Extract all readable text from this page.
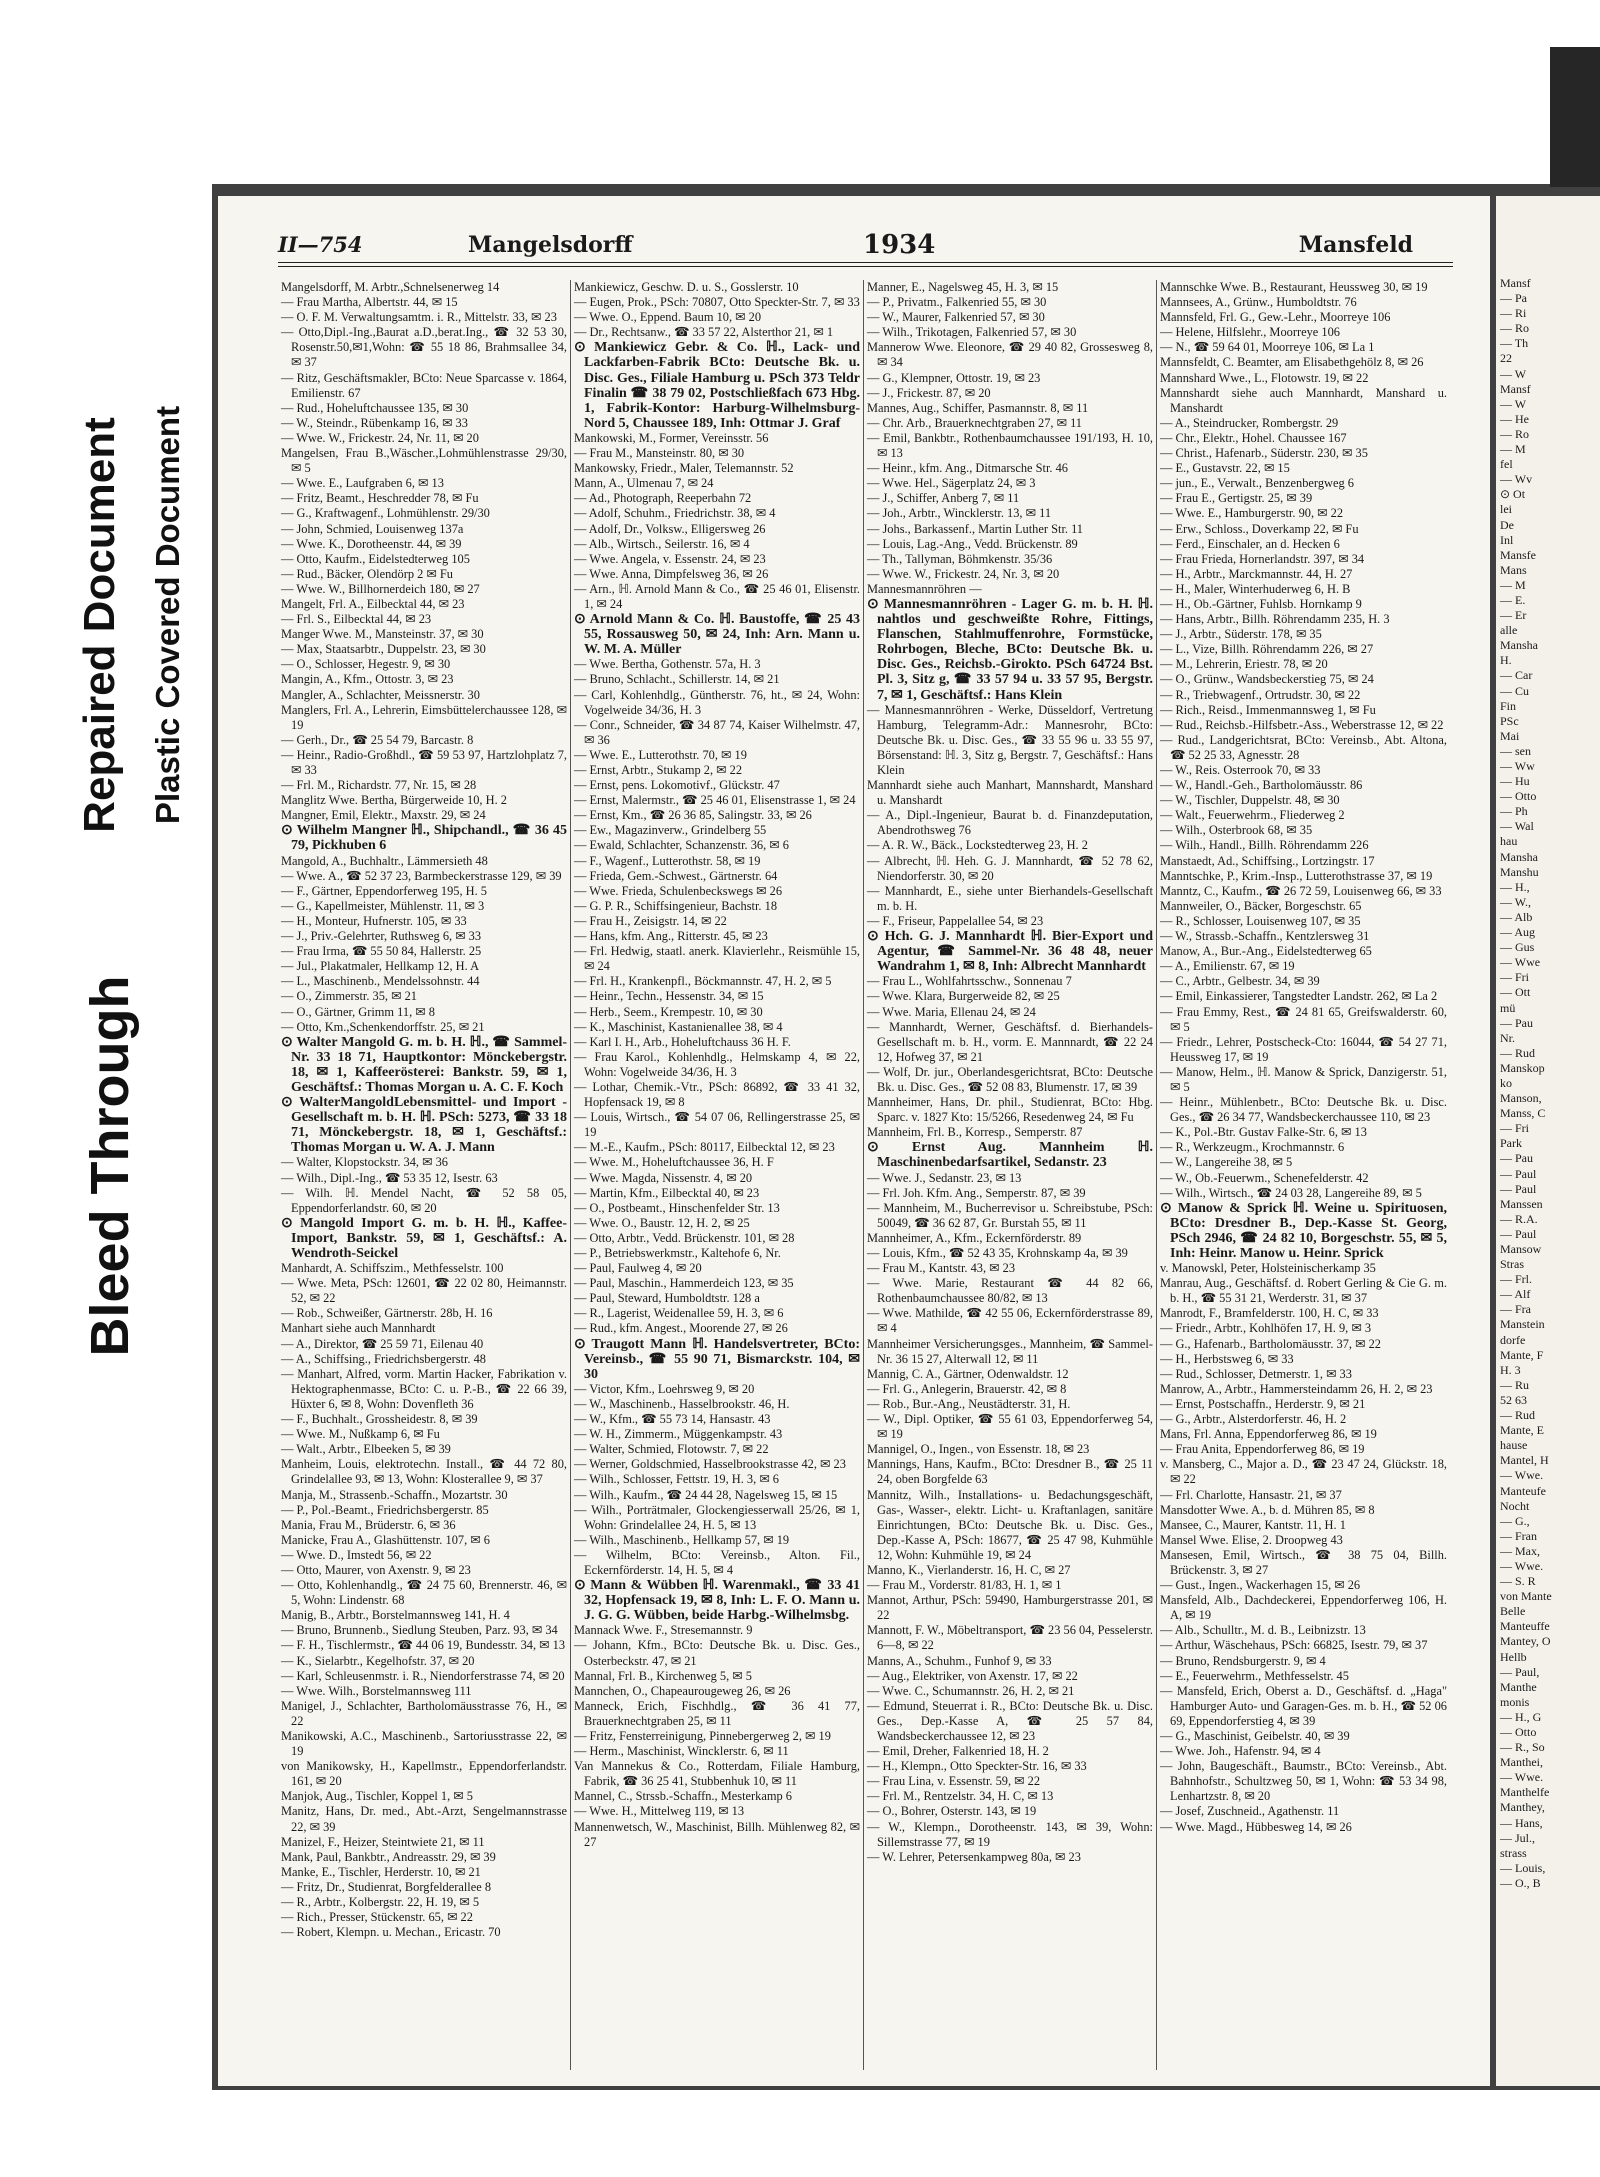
Bleed Through
Repaired Document Plastic Covered Document
II—754	Mangelsdorff	1934	Mansfeld
Mangelsdorff, M. Arbtr.,Schnelsenerweg 14
— Frau Martha, Albertstr. 44, ✉ 15
— O. F. M. Verwaltungsamtm. i. R., Mittelstr. 33, ✉ 23
— Otto,Dipl.-Ing.,Baurat a.D.,berat.Ing., ☎ 32 53 30, Rosenstr.50,✉1,Wohn: ☎ 55 18 86, Brahmsallee 34, ✉ 37
— Ritz, Geschäftsmakler, BCto: Neue Sparcasse v. 1864, Emilienstr. 67
— Rud., Hoheluftchaussee 135, ✉ 30
— W., Steindr., Rübenkamp 16, ✉ 33
— Wwe. W., Frickestr. 24, Nr. 11, ✉ 20
Mangelsen, Frau B.,Wäscher.,Lohmühlenstrasse 29/30, ✉ 5
— Wwe. E., Laufgraben 6, ✉ 13
— Fritz, Beamt., Heschredder 78, ✉ Fu
— G., Kraftwagenf., Lohmühlenstr. 29/30
— John, Schmied, Louisenweg 137a
— Wwe. K., Dorotheenstr. 44, ✉ 39
— Otto, Kaufm., Eidelstedterweg 105
— Rud., Bäcker, Olendörp 2 ✉ Fu
— Wwe. W., Billhornerdeich 180, ✉ 27
Mangelt, Frl. A., Eilbecktal 44, ✉ 23
— Frl. S., Eilbecktal 44, ✉ 23
Manger Wwe. M., Mansteinstr. 37, ✉ 30
— Max, Staatsarbtr., Duppelstr. 23, ✉ 30
— O., Schlosser, Hegestr. 9, ✉ 30
Mangin, A., Kfm., Ottostr. 3, ✉ 23
Mangler, A., Schlachter, Meissnerstr. 30
Manglers, Frl. A., Lehrerin, Eimsbüttelerchaussee 128, ✉ 19
— Gerh., Dr., ☎ 25 54 79, Barcastr. 8
— Heinr., Radio-Großhdl., ☎ 59 53 97, Hartzlohplatz 7, ✉ 33
— Frl. M., Richardstr. 77, Nr. 15, ✉ 28
Manglitz Wwe. Bertha, Bürgerweide 10, H. 2
Mangner, Emil, Elektr., Maxstr. 29, ✉ 24
⊙ Wilhelm Mangner ℍ., Shipchandl., ☎ 36 45 79, Pickhuben 6
Mangold, A., Buchhaltr., Lämmersieth 48
— Wwe. A., ☎ 52 37 23, Barmbeckerstrasse 129, ✉ 39
— F., Gärtner, Eppendorferweg 195, H. 5
— G., Kapellmeister, Mühlenstr. 11, ✉ 3
— H., Monteur, Hufnerstr. 105, ✉ 33
— J., Priv.-Gelehrter, Ruthsweg 6, ✉ 33
— Frau Irma, ☎ 55 50 84, Hallerstr. 25
— Jul., Plakatmaler, Hellkamp 12, H. A
— L., Maschinenb., Mendelssohnstr. 44
— O., Zimmerstr. 35, ✉ 21
— O., Gärtner, Grimm 11, ✉ 8
— Otto, Km.,Schenkendorffstr. 25, ✉ 21
⊙ Walter Mangold G. m. b. H. ℍ., ☎ Sammel-Nr. 33 18 71, Hauptkontor: Mönckebergstr. 18, ✉ 1, Kaffeerösterei: Bankstr. 59, ✉ 1, Geschäftsf.: Thomas Morgan u. A. C. F. Koch
⊙ WalterMangoldLebensmittel- und Import - Gesellschaft m. b. H. ℍ. PSch: 5273, ☎ 33 18 71, Mönckebergstr. 18, ✉ 1, Geschäftsf.: Thomas Morgan u. W. A. J. Mann
— Walter, Klopstockstr. 34, ✉ 36
— Wilh., Dipl.-Ing., ☎ 53 35 12, Isestr. 63
— Wilh. ℍ. Mendel Nacht, ☎ 52 58 05, Eppendorferlandstr. 60, ✉ 20
⊙ Mangold Import G. m. b. H. ℍ., Kaffee-Import, Bankstr. 59, ✉ 1, Geschäftsf.: A. Wendroth-Seickel
Manhardt, A. Schiffszim., Methfesselstr. 100
— Wwe. Meta, PSch: 12601, ☎ 22 02 80, Heimannstr. 52, ✉ 22
— Rob., Schweißer, Gärtnerstr. 28b, H. 16
Manhart siehe auch Mannhardt
— A., Direktor, ☎ 25 59 71, Eilenau 40
— A., Schiffsing., Friedrichsbergerstr. 48
— Manhart, Alfred, vorm. Martin Hacker, Fabrikation v. Hektographenmasse, BCto: C. u. P.-B., ☎ 22 66 39, Hüxter 6, ✉ 8, Wohn: Dovenfleth 36
— F., Buchhalt., Grossheidestr. 8, ✉ 39
— Wwe. M., Nußkamp 6, ✉ Fu
— Walt., Arbtr., Elbeeken 5, ✉ 39
Manheim, Louis, elektrotechn. Install., ☎ 44 72 80, Grindelallee 93, ✉ 13, Wohn: Klosterallee 9, ✉ 37
Manja, M., Strassenb.-Schaffn., Mozartstr. 30
— P., Pol.-Beamt., Friedrichsbergerstr. 85
Mania, Frau M., Brüderstr. 6, ✉ 36
Manicke, Frau A., Glashüttenstr. 107, ✉ 6
— Wwe. D., Imstedt 56, ✉ 22
— Otto, Maurer, von Axenstr. 9, ✉ 23
— Otto, Kohlenhandlg., ☎ 24 75 60, Brennerstr. 46, ✉ 5, Wohn: Lindenstr. 68
Manig, B., Arbtr., Borstelmannsweg 141, H. 4
— Bruno, Brunnenb., Siedlung Steuben, Parz. 93, ✉ 34
— F. H., Tischlermstr., ☎ 44 06 19, Bundesstr. 34, ✉ 13
— K., Sielarbtr., Kegelhofstr. 37, ✉ 20
— Karl, Schleusenmstr. i. R., Niendorferstrasse 74, ✉ 20
— Wwe. Wilh., Borstelmannsweg 111
Manigel, J., Schlachter, Bartholomäusstrasse 76, H., ✉ 22
Manikowski, A.C., Maschinenb., Sartoriusstrasse 22, ✉ 19
von Manikowsky, H., Kapellmstr., Eppendorferlandstr. 161, ✉ 20
Manjok, Aug., Tischler, Koppel 1, ✉ 5
Manitz, Hans, Dr. med., Abt.-Arzt, Sengelmannstrasse 22, ✉ 39
Manizel, F., Heizer, Steintwiete 21, ✉ 11
Mank, Paul, Bankbtr., Andreasstr. 29, ✉ 39
Manke, E., Tischler, Herderstr. 10, ✉ 21
— Fritz, Dr., Studienrat, Borgfelderallee 8
— R., Arbtr., Kolbergstr. 22, H. 19, ✉ 5
— Rich., Presser, Stückenstr. 65, ✉ 22
— Robert, Klempn. u. Mechan., Ericastr. 70
Mankiewicz, Geschw. D. u. S., Gosslerstr. 10
— Eugen, Prok., PSch: 70807, Otto Speckter-Str. 7, ✉ 33
— Wwe. O., Eppend. Baum 10, ✉ 20
— Dr., Rechtsanw., ☎ 33 57 22, Alsterthor 21, ✉ 1
⊙ Mankiewicz Gebr. & Co. ℍ., Lack- und Lackfarben-Fabrik BCto: Deutsche Bk. u. Disc. Ges., Filiale Hamburg u. PSch 373 Teldr Finalin ☎ 38 79 02, Postschließfach 673 Hbg. 1, Fabrik-Kontor: Harburg-Wilhelmsburg-Nord 5, Chaussee 189, Inh: Ottmar J. Graf
Mankowski, M., Former, Vereinsstr. 56
— Frau M., Mansteinstr. 80, ✉ 30
Mankowsky, Friedr., Maler, Telemannstr. 52
Mann, A., Ulmenau 7, ✉ 24
— Ad., Photograph, Reeperbahn 72
— Adolf, Schuhm., Friedrichstr. 38, ✉ 4
— Adolf, Dr., Volksw., Elligersweg 26
— Alb., Wirtsch., Seilerstr. 16, ✉ 4
— Wwe. Angela, v. Essenstr. 24, ✉ 23
— Wwe. Anna, Dimpfelsweg 36, ✉ 26
— Arn., ℍ. Arnold Mann & Co., ☎ 25 46 01, Elisenstr. 1, ✉ 24
⊙ Arnold Mann & Co. ℍ. Baustoffe, ☎ 25 43 55, Rossausweg 50, ✉ 24, Inh: Arn. Mann u. W. M. A. Müller
— Wwe. Bertha, Gothenstr. 57a, H. 3
— Bruno, Schlacht., Schillerstr. 14, ✉ 21
— Carl, Kohlenhdlg., Güntherstr. 76, ht., ✉ 24, Wohn: Vogelweide 34/36, H. 3
— Conr., Schneider, ☎ 34 87 74, Kaiser Wilhelmstr. 47, ✉ 36
— Wwe. E., Lutterothstr. 70, ✉ 19
— Ernst, Arbtr., Stukamp 2, ✉ 22
— Ernst, pens. Lokomotivf., Glückstr. 47
— Ernst, Malermstr., ☎ 25 46 01, Elisenstrasse 1, ✉ 24
— Ernst, Km., ☎ 26 36 85, Salingstr. 33, ✉ 26
— Ew., Magazinverw., Grindelberg 55
— Ewald, Schlachter, Schanzenstr. 36, ✉ 6
— F., Wagenf., Lutterothstr. 58, ✉ 19
— Frieda, Gem.-Schwest., Gärtnerstr. 64
— Wwe. Frieda, Schulenbeckswegs ✉ 26
— G. P. R., Schiffsingenieur, Bachstr. 18
— Frau H., Zeisigstr. 14, ✉ 22
— Hans, kfm. Ang., Ritterstr. 45, ✉ 23
— Frl. Hedwig, staatl. anerk. Klavierlehr., Reismühle 15, ✉ 24
— Frl. H., Krankenpfl., Böckmannstr. 47, H. 2, ✉ 5
— Heinr., Techn., Hessenstr. 34, ✉ 15
— Herb., Seem., Krempestr. 10, ✉ 30
— K., Maschinist, Kastanienallee 38, ✉ 4
— Karl I. H., Arb., Hoheluftchauss 36 H. F.
— Frau Karol., Kohlenhdlg., Helmskamp 4, ✉ 22, Wohn: Vogelweide 34/36, H. 3
— Lothar, Chemik.-Vtr., PSch: 86892, ☎ 33 41 32, Hopfensack 19, ✉ 8
— Louis, Wirtsch., ☎ 54 07 06, Rellingerstrasse 25, ✉ 19
— M.-E., Kaufm., PSch: 80117, Eilbecktal 12, ✉ 23
— Wwe. M., Hoheluftchaussee 36, H. F
— Wwe. Magda, Nissenstr. 4, ✉ 20
— Martin, Kfm., Eilbecktal 40, ✉ 23
— O., Postbeamt., Hinschenfelder Str. 13
— Wwe. O., Baustr. 12, H. 2, ✉ 25
— Otto, Arbtr., Vedd. Brückenstr. 101, ✉ 28
— P., Betriebswerkmstr., Kaltehofe 6, Nr.
— Paul, Faulweg 4, ✉ 20
— Paul, Maschin., Hammerdeich 123, ✉ 35
— Paul, Steward, Humboldtstr. 128 a
— R., Lagerist, Weidenallee 59, H. 3, ✉ 6
— Rud., kfm. Angest., Moorende 27, ✉ 26
⊙ Traugott Mann ℍ. Handelsvertreter, BCto: Vereinsb., ☎ 55 90 71, Bismarckstr. 104, ✉ 30
— Victor, Kfm., Loehrsweg 9, ✉ 20
— W., Maschinenb., Hasselbrookstr. 46, H.
— W., Kfm., ☎ 55 73 14, Hansastr. 43
— W. H., Zimmerm., Müggenkampstr. 43
— Walter, Schmied, Flotowstr. 7, ✉ 22
— Werner, Goldschmied, Hasselbrookstrasse 42, ✉ 23
— Wilh., Schlosser, Fettstr. 19, H. 3, ✉ 6
— Wilh., Kaufm., ☎ 24 44 28, Nagelsweg 15, ✉ 15
— Wilh., Porträtmaler, Glockengiesserwall 25/26, ✉ 1, Wohn: Grindelallee 24, H. 5, ✉ 13
— Wilh., Maschinenb., Hellkamp 57, ✉ 19
— Wilhelm, BCto: Vereinsb., Alton. Fil., Eckernförderstr. 14, H. 5, ✉ 4
⊙ Mann & Wübben ℍ. Warenmakl., ☎ 33 41 32, Hopfensack 19, ✉ 8, Inh: L. F. O. Mann u. J. G. G. Wübben, beide Harbg.-Wilhelmsbg.
Mannack Wwe. F., Stresemannstr. 9
— Johann, Kfm., BCto: Deutsche Bk. u. Disc. Ges., Osterbeckstr. 47, ✉ 21
Mannal, Frl. B., Kirchenweg 5, ✉ 5
Mannchen, O., Chapeaurougeweg 26, ✉ 26
Manneck, Erich, Fischhdlg., ☎ 36 41 77, Brauerknechtgraben 25, ✉ 11
— Fritz, Fensterreinigung, Pinnebergerweg 2, ✉ 19
— Herm., Maschinist, Wincklerstr. 6, ✉ 11
Van Mannekus & Co., Rotterdam, Filiale Hamburg, Fabrik, ☎ 36 25 41, Stubbenhuk 10, ✉ 11
Mannel, C., Strssb.-Schaffn., Mesterkamp 6
— Wwe. H., Mittelweg 119, ✉ 13
Mannenwetsch, W., Maschinist, Billh. Mühlenweg 82, ✉ 27
Manner, E., Nagelsweg 45, H. 3, ✉ 15
— P., Privatm., Falkenried 55, ✉ 30
— W., Maurer, Falkenried 57, ✉ 30
— Wilh., Trikotagen, Falkenried 57, ✉ 30
Mannerow Wwe. Eleonore, ☎ 29 40 82, Grossesweg 8, ✉ 34
— G., Klempner, Ottostr. 19, ✉ 23
— J., Frickestr. 87, ✉ 20
Mannes, Aug., Schiffer, Pasmannstr. 8, ✉ 11
— Chr. Arb., Brauerknechtgraben 27, ✉ 11
— Emil, Bankbtr., Rothenbaumchaussee 191/193, H. 10, ✉ 13
— Heinr., kfm. Ang., Ditmarsche Str. 46
— Wwe. Hel., Sägerplatz 24, ✉ 3
— J., Schiffer, Anberg 7, ✉ 11
— Joh., Arbtr., Wincklerstr. 13, ✉ 11
— Johs., Barkassenf., Martin Luther Str. 11
— Louis, Lag.-Ang., Vedd. Brückenstr. 89
— Th., Tallyman, Böhmkenstr. 35/36
— Wwe. W., Frickestr. 24, Nr. 3, ✉ 20
Mannesmannröhren —
⊙ Mannesmannröhren - Lager G. m. b. H. ℍ. nahtlos und geschweißte Rohre, Fittings, Flanschen, Stahlmuffenrohre, Formstücke, Rohrbogen, Bleche, BCto: Deutsche Bk. u. Disc. Ges., Reichsb.-Girokto. PSch 64724 Bst. Pl. 3, Sitz g, ☎ 33 57 94 u. 33 57 95, Bergstr. 7, ✉ 1, Geschäftsf.: Hans Klein
— Mannesmannröhren - Werke, Düsseldorf, Vertretung Hamburg, Telegramm-Adr.: Mannesrohr, BCto: Deutsche Bk. u. Disc. Ges., ☎ 33 55 96 u. 33 55 97, Börsenstand: ℍ. 3, Sitz g, Bergstr. 7, Geschäftsf.: Hans Klein
Mannhardt siehe auch Manhart, Mannshardt, Manshard u. Manshardt
— A., Dipl.-Ingenieur, Baurat b. d. Finanzdeputation, Abendrothsweg 76
— A. R. W., Bäck., Lockstedterweg 23, H. 2
— Albrecht, ℍ. Heh. G. J. Mannhardt, ☎ 52 78 62, Niendorferstr. 30, ✉ 20
— Mannhardt, E., siehe unter Bierhandels-Gesellschaft m. b. H.
— F., Friseur, Pappelallee 54, ✉ 23
⊙ Hch. G. J. Mannhardt ℍ. Bier-Export und Agentur, ☎ Sammel-Nr. 36 48 48, neuer Wandrahm 1, ✉ 8, Inh: Albrecht Mannhardt
— Frau L., Wohlfahrtsschw., Sonnenau 7
— Wwe. Klara, Burgerweide 82, ✉ 25
— Wwe. Maria, Ellenau 24, ✉ 24
— Mannhardt, Werner, Geschäftsf. d. Bierhandels-Gesellschaft m. b. H., vorm. E. Mannnardt, ☎ 22 24 12, Hofweg 37, ✉ 21
— Wolf, Dr. jur., Oberlandesgerichtsrat, BCto: Deutsche Bk. u. Disc. Ges., ☎ 52 08 83, Blumenstr. 17, ✉ 39
Mannheimer, Hans, Dr. phil., Studienrat, BCto: Hbg. Sparc. v. 1827 Kto: 15/5266, Resedenweg 24, ✉ Fu
Mannheim, Frl. B., Korresp., Semperstr. 87
⊙ Ernst Aug. Mannheim ℍ. Maschinenbedarfsartikel, Sedanstr. 23
— Wwe. J., Sedanstr. 23, ✉ 13
— Frl. Joh. Kfm. Ang., Semperstr. 87, ✉ 39
— Mannheim, M., Bucherrevisor u. Schreibstube, PSch: 50049, ☎ 36 62 87, Gr. Burstah 55, ✉ 11
Mannheimer, A., Kfm., Eckernförderstr. 89
— Louis, Kfm., ☎ 52 43 35, Krohnskamp 4a, ✉ 39
— Frau M., Kantstr. 43, ✉ 23
— Wwe. Marie, Restaurant ☎ 44 82 66, Rothenbaumchaussee 80/82, ✉ 13
— Wwe. Mathilde, ☎ 42 55 06, Eckernförderstrasse 89, ✉ 4
Mannheimer Versicherungsges., Mannheim, ☎ Sammel-Nr. 36 15 27, Alterwall 12, ✉ 11
Mannig, C. A., Gärtner, Odenwaldstr. 12
— Frl. G., Anlegerin, Brauerstr. 42, ✉ 8
— Rob., Bur.-Ang., Neustädterstr. 31, H.
— W., Dipl. Optiker, ☎ 55 61 03, Eppendorferweg 54, ✉ 19
Mannigel, O., Ingen., von Essenstr. 18, ✉ 23
Mannings, Hans, Kaufm., BCto: Dresdner B., ☎ 25 11 24, oben Borgfelde 63
Mannitz, Wilh., Installations- u. Bedachungsgeschäft, Gas-, Wasser-, elektr. Licht- u. Kraftanlagen, sanitäre Einrichtungen, BCto: Deutsche Bk. u. Disc. Ges., Dep.-Kasse A, PSch: 18677, ☎ 25 47 98, Kuhmühle 12, Wohn: Kuhmühle 19, ✉ 24
Manno, K., Vierlanderstr. 16, H. C, ✉ 27
— Frau M., Vorderstr. 81/83, H. 1, ✉ 1
Mannot, Arthur, PSch: 59490, Hamburgerstrasse 201, ✉ 22
Mannott, F. W., Möbeltransport, ☎ 23 56 04, Pesselerstr. 6—8, ✉ 22
Manns, A., Schuhm., Funhof 9, ✉ 33
— Aug., Elektriker, von Axenstr. 17, ✉ 22
— Wwe. C., Schumannstr. 26, H. 2, ✉ 21
— Edmund, Steuerrat i. R., BCto: Deutsche Bk. u. Disc. Ges., Dep.-Kasse A, ☎ 25 57 84, Wandsbeckerchaussee 12, ✉ 23
— Emil, Dreher, Falkenried 18, H. 2
— H., Klempn., Otto Speckter-Str. 16, ✉ 33
— Frau Lina, v. Essenstr. 59, ✉ 22
— Frl. M., Rentzelstr. 34, H. C, ✉ 13
— O., Bohrer, Osterstr. 143, ✉ 19
— W., Klempn., Dorotheenstr. 143, ✉ 39, Wohn: Sillemstrasse 77, ✉ 19
— W. Lehrer, Petersenkampweg 80a, ✉ 23
Mannschke Wwe. B., Restaurant, Heussweg 30, ✉ 19
Mannsees, A., Grünw., Humboldtstr. 76
Mannsfeld, Frl. G., Gew.-Lehr., Moorreye 106
— Helene, Hilfslehr., Moorreye 106
— N., ☎ 59 64 01, Moorreye 106, ✉ La 1
Mannsfeldt, C. Beamter, am Elisabethgehölz 8, ✉ 26
Mannshard Wwe., L., Flotowstr. 19, ✉ 22
Mannshardt siehe auch Mannhardt, Manshard u. Manshardt
— A., Steindrucker, Rombergstr. 29
— Chr., Elektr., Hohel. Chaussee 167
— Christ., Hafenarb., Süderstr. 230, ✉ 35
— E., Gustavstr. 22, ✉ 15
— jun., E., Verwalt., Benzenbergweg 6
— Frau E., Gertigstr. 25, ✉ 39
— Wwe. E., Hamburgerstr. 90, ✉ 22
— Erw., Schloss., Doverkamp 22, ✉ Fu
— Ferd., Einschaler, an d. Hecken 6
— Frau Frieda, Hornerlandstr. 397, ✉ 34
— H., Arbtr., Marckmannstr. 44, H. 27
— H., Maler, Winterhuderweg 6, H. B
— H., Ob.-Gärtner, Fuhlsb. Hornkamp 9
— Hans, Arbtr., Billh. Röhrendamm 235, H. 3
— J., Arbtr., Süderstr. 178, ✉ 35
— L., Vize, Billh. Röhrendamm 226, ✉ 27
— M., Lehrerin, Eriestr. 78, ✉ 20
— O., Grünw., Wandsbeckerstieg 75, ✉ 24
— R., Triebwagenf., Ortrudstr. 30, ✉ 22
— Rich., Reisd., Immenmannsweg 1, ✉ Fu
— Rud., Reichsb.-Hilfsbetr.-Ass., Weberstrasse 12, ✉ 22
— Rud., Landgerichtsrat, BCto: Vereinsb., Abt. Altona, ☎ 52 25 33, Agnesstr. 28
— W., Reis. Osterrook 70, ✉ 33
— W., Handl.-Geh., Bartholomäusstr. 86
— W., Tischler, Duppelstr. 48, ✉ 30
— Walt., Feuerwehrm., Fliederweg 2
— Wilh., Osterbrook 68, ✉ 35
— Wilh., Handl., Billh. Röhrendamm 226
Manstaedt, Ad., Schiffsing., Lortzingstr. 17
Manntschke, P., Krim.-Insp., Lutterothstrasse 37, ✉ 19
Manntz, C., Kaufm., ☎ 26 72 59, Louisenweg 66, ✉ 33
Mannweiler, O., Bäcker, Borgeschstr. 65
— R., Schlosser, Louisenweg 107, ✉ 35
— W., Strassb.-Schaffn., Kentzlersweg 31
Manow, A., Bur.-Ang., Eidelstedterweg 65
— A., Emilienstr. 67, ✉ 19
— C., Arbtr., Gelbestr. 34, ✉ 39
— Emil, Einkassierer, Tangstedter Landstr. 262, ✉ La 2
— Frau Emmy, Rest., ☎ 24 81 65, Greifswalderstr. 60, ✉ 5
— Friedr., Lehrer, Postscheck-Cto: 16044, ☎ 54 27 71, Heussweg 17, ✉ 19
— Manow, Helm., ℍ. Manow & Sprick, Danzigerstr. 51, ✉ 5
— Heinr., Mühlenbetr., BCto: Deutsche Bk. u. Disc. Ges., ☎ 26 34 77, Wandsbeckerchaussee 110, ✉ 23
— K., Pol.-Btr. Gustav Falke-Str. 6, ✉ 13
— R., Werkzeugm., Krochmannstr. 6
— W., Langereihe 38, ✉ 5
— W., Ob.-Feuerwm., Schenefelderstr. 42
— Wilh., Wirtsch., ☎ 24 03 28, Langereihe 89, ✉ 5
⊙ Manow & Sprick ℍ. Weine u. Spirituosen, BCto: Dresdner B., Dep.-Kasse St. Georg, PSch 2946, ☎ 24 82 10, Borgeschstr. 55, ✉ 5, Inh: Heinr. Manow u. Heinr. Sprick
v. Manowskl, Peter, Holsteinischerkamp 35
Manrau, Aug., Geschäftsf. d. Robert Gerling & Cie G. m. b. H., ☎ 55 31 21, Werderstr. 31, ✉ 37
Manrodt, F., Bramfelderstr. 100, H. C, ✉ 33
— Friedr., Arbtr., Kohlhöfen 17, H. 9, ✉ 3
— G., Hafenarb., Bartholomäusstr. 37, ✉ 22
— H., Herbstsweg 6, ✉ 33
— Rud., Schlosser, Detmerstr. 1, ✉ 33
Manrow, A., Arbtr., Hammersteindamm 26, H. 2, ✉ 23
— Ernst, Postschaffn., Herderstr. 9, ✉ 21
— G., Arbtr., Alsterdorferstr. 46, H. 2
Mans, Frl. Anna, Eppendorferweg 86, ✉ 19
— Frau Anita, Eppendorferweg 86, ✉ 19
v. Mansberg, C., Major a. D., ☎ 23 47 24, Glückstr. 18, ✉ 22
— Frl. Charlotte, Hansastr. 21, ✉ 37
Mansdotter Wwe. A., b. d. Mühren 85, ✉ 8
Mansee, C., Maurer, Kantstr. 11, H. 1
Mansel Wwe. Elise, 2. Droopweg 43
Mansesen, Emil, Wirtsch., ☎ 38 75 04, Billh. Brückenstr. 3, ✉ 27
— Gust., Ingen., Wackerhagen 15, ✉ 26
Mansfeld, Alb., Dachdeckerei, Eppendorferweg 106, H. A, ✉ 19
— Alb., Schulltr., M. d. B., Leibnizstr. 13
— Arthur, Wäschehaus, PSch: 66825, Isestr. 79, ✉ 37
— Bruno, Rendsburgerstr. 9, ✉ 4
— E., Feuerwehrm., Methfesselstr. 45
— Mansfeld, Erich, Oberst a. D., Geschäftsf. d. „Haga" Hamburger Auto- und Garagen-Ges. m. b. H., ☎ 52 06 69, Eppendorferstieg 4, ✉ 39
— G., Maschinist, Geibelstr. 40, ✉ 39
— Wwe. Joh., Hafenstr. 94, ✉ 4
— John, Baugeschäft., Baumstr., BCto: Vereinsb., Abt. Bahnhofstr., Schultzweg 50, ✉ 1, Wohn: ☎ 53 34 98, Lenhartzstr. 8, ✉ 20
— Josef, Zuschneid., Agathenstr. 11
— Wwe. Magd., Hübbesweg 14, ✉ 26
Mansf
— Pa
— Ri
— Ro
— Th
22
— W
Mansf
— W
— He
— Ro
— M
fel
— Wv
⊙ Ot
lei
De
Inl
Mansfe
Mans
— M
— E.
— Er
alle
Mansha
H.
— Car
— Cu
Fin
PSc
Mai
— sen
— Ww
— Hu
— Otto
— Ph
— Wal
hau
Mansha
Manshu
— H.,
— W.,
— Alb
— Aug
— Gus
— Wwe
— Fri
— Ott
mü
— Pau
Nr.
— Rud
Manskop
ko
Manson,
Manss, C
— Fri
Park
— Pau
— Paul
— Paul
Manssen
— R.A.
— Paul
Mansow
Stras
— Frl.
— Alf
— Fra
Manstein
dorfe
Mante, F
H. 3
— Ru
52 63
— Rud
Mante, E
hause
Mantel, H
— Wwe.
Manteufe
Nocht
— G.,
— Fran
— Max,
— Wwe.
— S. R
von Mante
Belle
Manteuffe
Mantey, O
Hellb
— Paul,
Manthe
monis
— H., G
— Otto
— R., So
Manthei,
— Wwe.
Manthelfe
Manthey,
— Hans,
— Jul.,
strass
— Louis,
— O., B
